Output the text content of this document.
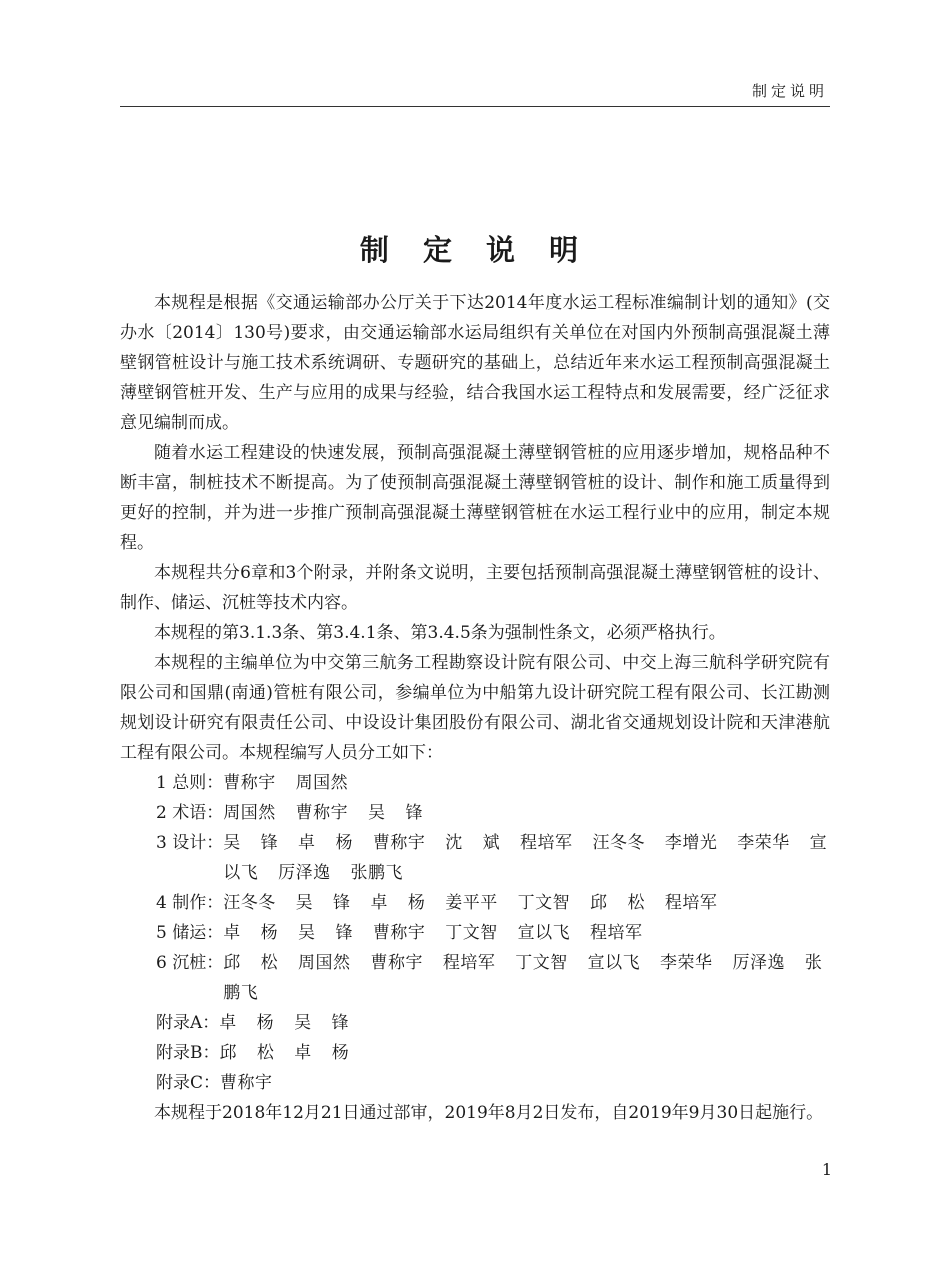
制定说明
制 定 说 明

本规程是根据《交通运输部办公厅关于下达2014年度水运工程标准编制计划的通知》(交办水〔2014〕130号)要求，由交通运输部水运局组织有关单位在对国内外预制高强混凝土薄壁钢管桩设计与施工技术系统调研、专题研究的基础上，总结近年来水运工程预制高强混凝土薄壁钢管桩开发、生产与应用的成果与经验，结合我国水运工程特点和发展需要，经广泛征求意见编制而成。

随着水运工程建设的快速发展，预制高强混凝土薄壁钢管桩的应用逐步增加，规格品种不断丰富，制桩技术不断提高。为了使预制高强混凝土薄壁钢管桩的设计、制作和施工质量得到更好的控制，并为进一步推广预制高强混凝土薄壁钢管桩在水运工程行业中的应用，制定本规程。

本规程共分6章和3个附录，并附条文说明，主要包括预制高强混凝土薄壁钢管桩的设计、制作、储运、沉桩等技术内容。

本规程的第3.1.3条、第3.4.1条、第3.4.5条为强制性条文，必须严格执行。

本规程的主编单位为中交第三航务工程勘察设计院有限公司、中交上海三航科学研究院有限公司和国鼎(南通)管桩有限公司，参编单位为中船第九设计研究院工程有限公司、长江勘测规划设计研究有限责任公司、中设设计集团股份有限公司、湖北省交通规划设计院和天津港航工程有限公司。本规程编写人员分工如下：

1 总则： 曹称宇 周国然
2 术语： 周国然 曹称宇 吴 锋
3 设计： 吴 锋 卓 杨 曹称宇 沈 斌 程培军 汪冬冬 李增光 李荣华 宣以飞 厉泽逸 张鹏飞
4 制作： 汪冬冬 吴 锋 卓 杨 姜平平 丁文智 邱 松 程培军
5 储运： 卓 杨 吴 锋 曹称宇 丁文智 宣以飞 程培军
6 沉桩： 邱 松 周国然 曹称宇 程培军 丁文智 宣以飞 李荣华 厉泽逸 张鹏飞
附录A： 卓 杨 吴 锋
附录B： 邱 松 卓 杨
附录C： 曹称宇

本规程于2018年12月21日通过部审，2019年8月2日发布，自2019年9月30日起施行。

1
